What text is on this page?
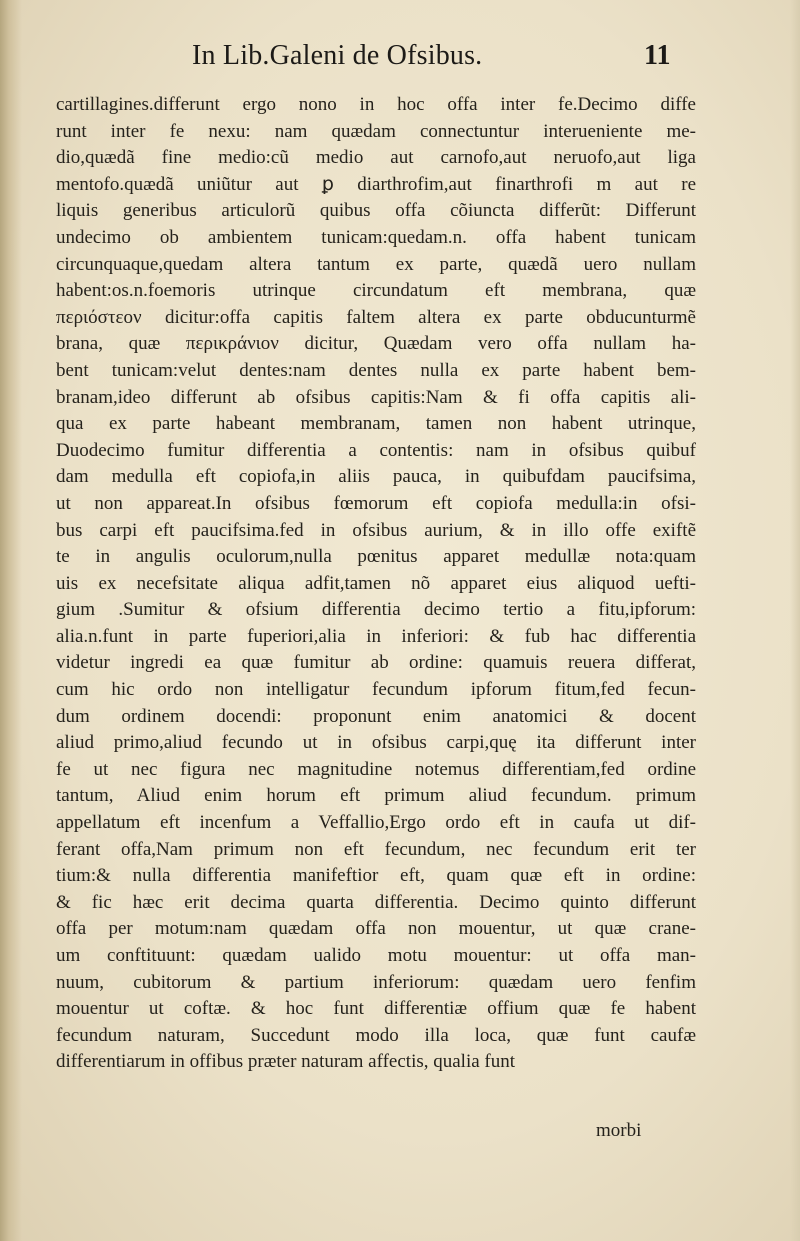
In Lib.Galeni de Ofsibus.	11
cartillagines.differunt ergo nono in hoc offa inter fe.Decimo diffe
runt inter fe nexu: nam quædam connectuntur interueniente me-
dio,quædã fine medio:cũ medio aut carnofo,aut neruofo,aut liga
mentofo.quædã uniũtur aut ꝑ diarthrofim,aut finarthrofi m aut re
liquis generibus articulorũ quibus offa cõiunctа differũt: Differunt
undecimo ob ambientem tunicam:quedam.n. offa habent tunicam
circunquaque,quedam altera tantum ex parte, quædã uero nullam
habent:os.n.foemoris utrinque circundatum eft membrana, quæ
περιόστεον dicitur:offa capitis faltem altera ex parte obducunturmẽ
brana, quæ περικράνιον dicitur, Quædam vero offa nullam ha-
bent tunicam:velut dentes:nam dentes nulla ex parte habent bem-
branam,ideo differunt ab ofsibus capitis:Nam & fi offa capitis ali-
qua ex parte habeant membranam, tamen non habent utrinque,
Duodecimo fumitur differentia a contentis: nam in ofsibus quibuf
dam medulla eft copiofa,in aliis pauca, in quibufdam paucifsima,
ut non appareat.In ofsibus fœmorum eft copiofa medulla:in ofsi-
bus carpi eft paucifsima.fed in ofsibus aurium, & in illo offe exiftẽ
te in angulis oculorum,nulla pœnitus apparet medullæ nota:quam
uis ex necefsitate aliqua adfit,tamen nõ apparet eius aliquod uefti-
gium .Sumitur & ofsium differentia decimo tertio a fitu,ipforum:
alia.n.funt in parte fuperiori,alia in inferiori: & fub hac differentia
videtur ingredi ea quæ fumitur ab ordine: quamuis reuera differat,
cum hic ordo non intelligatur fecundum ipforum fitum,fed fecun-
dum ordinem docendi: proponunt enim anatomici & docent
aliud primo,aliud fecundo ut in ofsibus carpi,quę ita differunt inter
fe ut nec figura nec magnitudine notemus differentiam,fed ordine
tantum, Aliud enim horum eft primum aliud fecundum. primum
appellatum eft incenfum a Veffallio,Ergo ordo eft in caufa ut dif-
ferant offa,Nam primum non eft fecundum, nec fecundum erit ter
tium:& nulla differentia manifeftior eft, quam quæ eft in ordine:
& fic hæc erit decima quarta differentia. Decimo quinto differunt
offa per motum:nam quædam offa non mouentur, ut quæ crane-
um conftituunt: quædam ualido motu mouentur: ut offa man-
nuum, cubitorum & partium inferiorum: quædam uero fenfim
mouentur ut coftæ. & hoc funt differentiæ offium quæ fe habent
fecundum naturam, Succedunt modo illa loca, quæ funt caufæ
differentiarum in offibus præter naturam affectis, qualia funt
morbi
